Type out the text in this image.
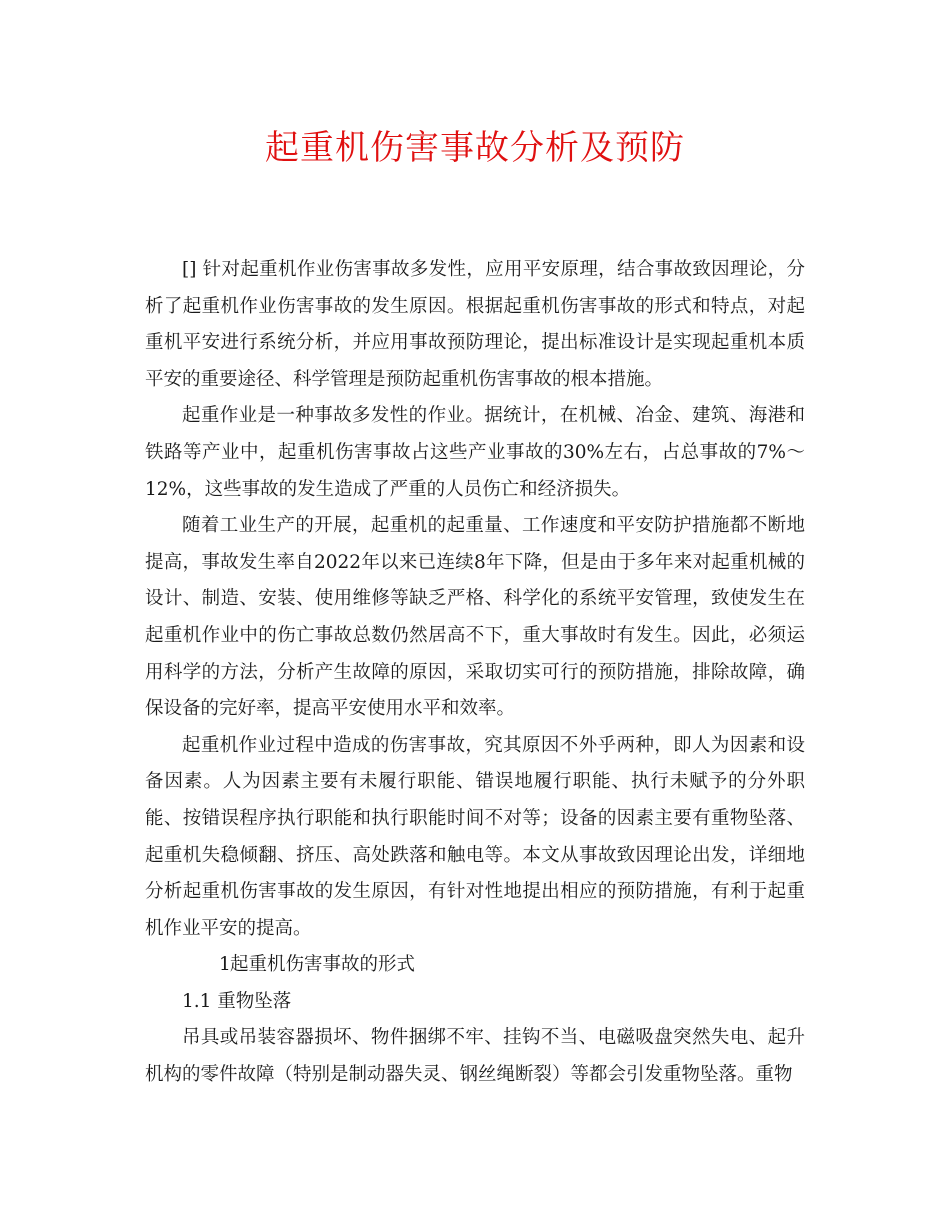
起重机伤害事故分析及预防

[] 针对起重机作业伤害事故多发性，应用平安原理，结合事故致因理论，分析了起重机作业伤害事故的发生原因。根据起重机伤害事故的形式和特点，对起重机平安进行系统分析，并应用事故预防理论，提出标准设计是实现起重机本质平安的重要途径、科学管理是预防起重机伤害事故的根本措施。

起重作业是一种事故多发性的作业。据统计，在机械、冶金、建筑、海港和铁路等产业中，起重机伤害事故占这些产业事故的30%左右，占总事故的7%～12%，这些事故的发生造成了严重的人员伤亡和经济损失。

随着工业生产的开展，起重机的起重量、工作速度和平安防护措施都不断地提高，事故发生率自2022年以来已连续8年下降，但是由于多年来对起重机械的设计、制造、安装、使用维修等缺乏严格、科学化的系统平安管理，致使发生在起重机作业中的伤亡事故总数仍然居高不下，重大事故时有发生。因此，必须运用科学的方法，分析产生故障的原因，采取切实可行的预防措施，排除故障，确保设备的完好率，提高平安使用水平和效率。

起重机作业过程中造成的伤害事故，究其原因不外乎两种，即人为因素和设备因素。人为因素主要有未履行职能、错误地履行职能、执行未赋予的分外职能、按错误程序执行职能和执行职能时间不对等；设备的因素主要有重物坠落、起重机失稳倾翻、挤压、高处跌落和触电等。本文从事故致因理论出发，详细地分析起重机伤害事故的发生原因，有针对性地提出相应的预防措施，有利于起重机作业平安的提高。

1起重机伤害事故的形式

1.1 重物坠落

吊具或吊装容器损坏、物件捆绑不牢、挂钩不当、电磁吸盘突然失电、起升机构的零件故障（特别是制动器失灵、钢丝绳断裂）等都会引发重物坠落。重物
